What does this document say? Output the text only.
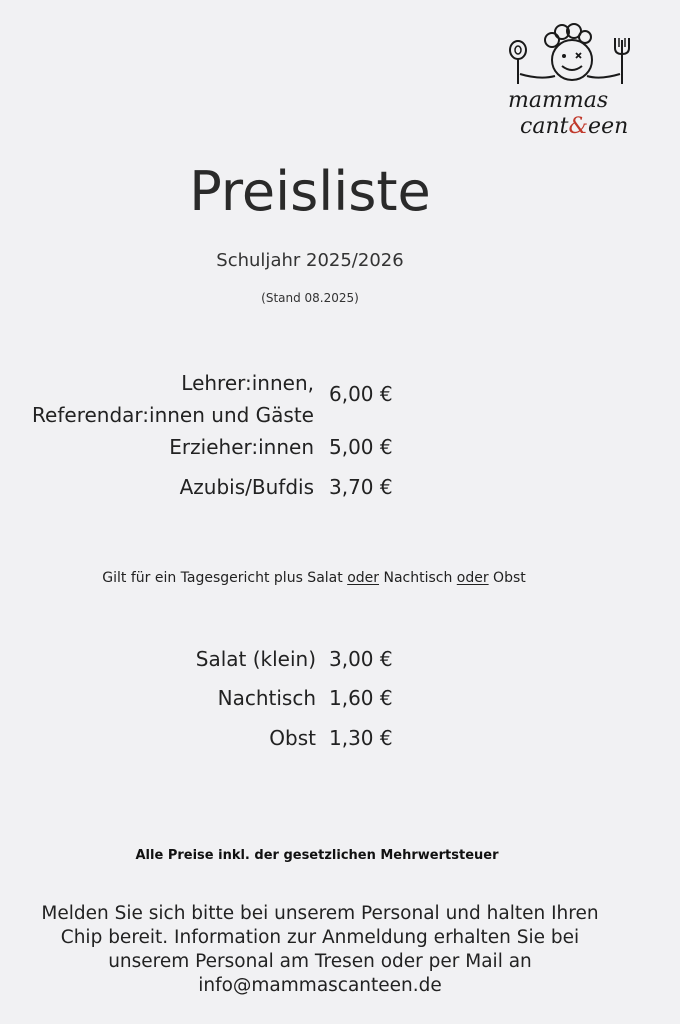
mammas
cant&een
Preisliste
Schuljahr 2025/2026
(Stand 08.2025)
Lehrer:innen,
Referendar:innen und Gäste
6,00 €
Erzieher:innen 5,00 €
Azubis/Bufdis 3,70 €
Gilt für ein Tagesgericht plus Salat oder Nachtisch oder Obst
Salat (klein) 3,00 €
Nachtisch 1,60 €
Obst 1,30 €
Alle Preise inkl. der gesetzlichen Mehrwertsteuer
Melden Sie sich bitte bei unserem Personal und halten Ihren
Chip bereit. Information zur Anmeldung erhalten Sie bei
unserem Personal am Tresen oder per Mail an
info@mammascanteen.de
